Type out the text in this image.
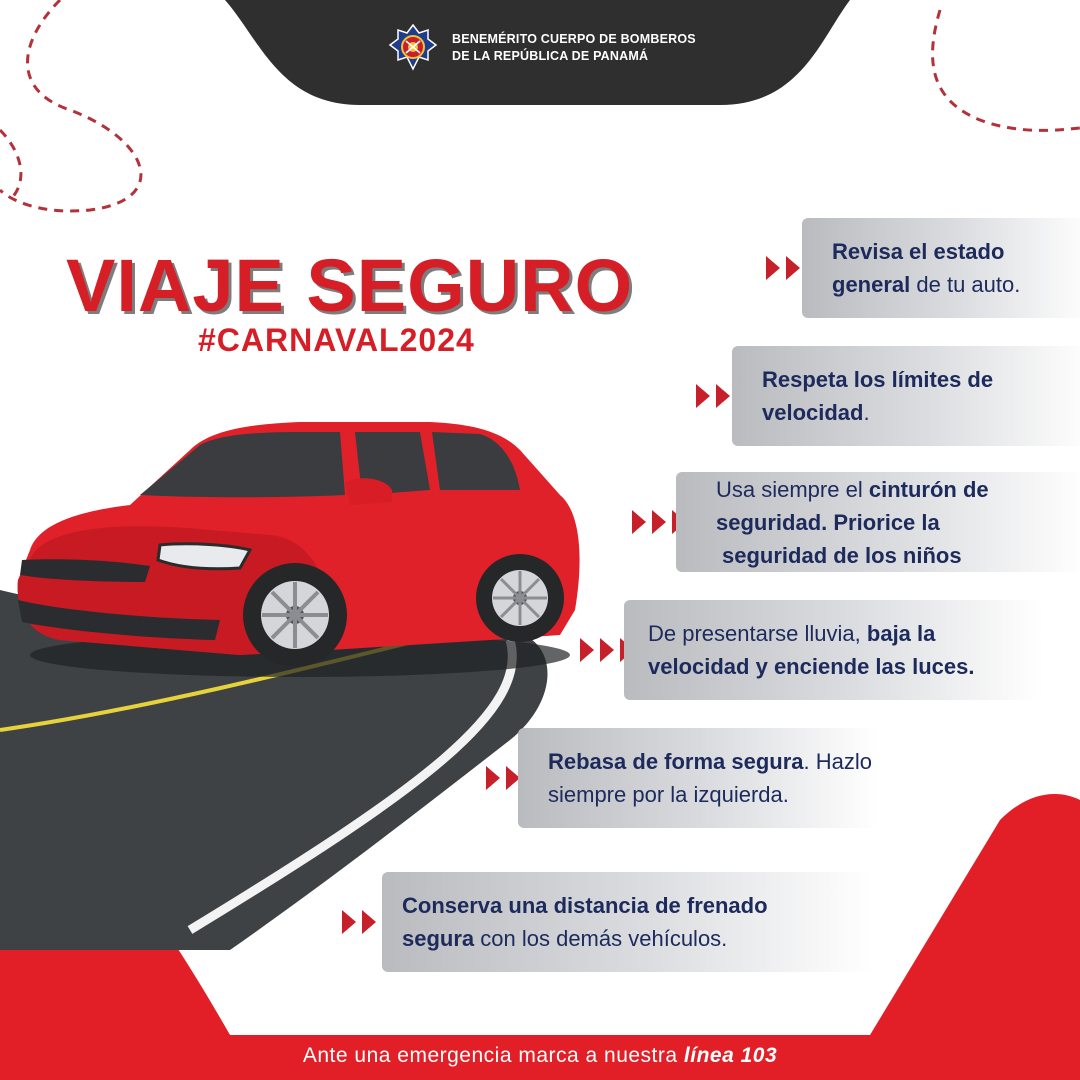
BENEMÉRITO CUERPO DE BOMBEROS
DE LA REPÚBLICA DE PANAMÁ
VIAJE SEGURO
#CARNAVAL2024
Revisa el estado
general de tu auto.
Respeta los límites de
velocidad.
Usa siempre el cinturón de
seguridad. Priorice la
seguridad de los niños
De presentarse lluvia, baja la
velocidad y enciende las luces.
Rebasa de forma segura. Hazlo
siempre por la izquierda.
Conserva una distancia de frenado
segura con los demás vehículos.
Ante una emergencia marca a nuestra línea 103
